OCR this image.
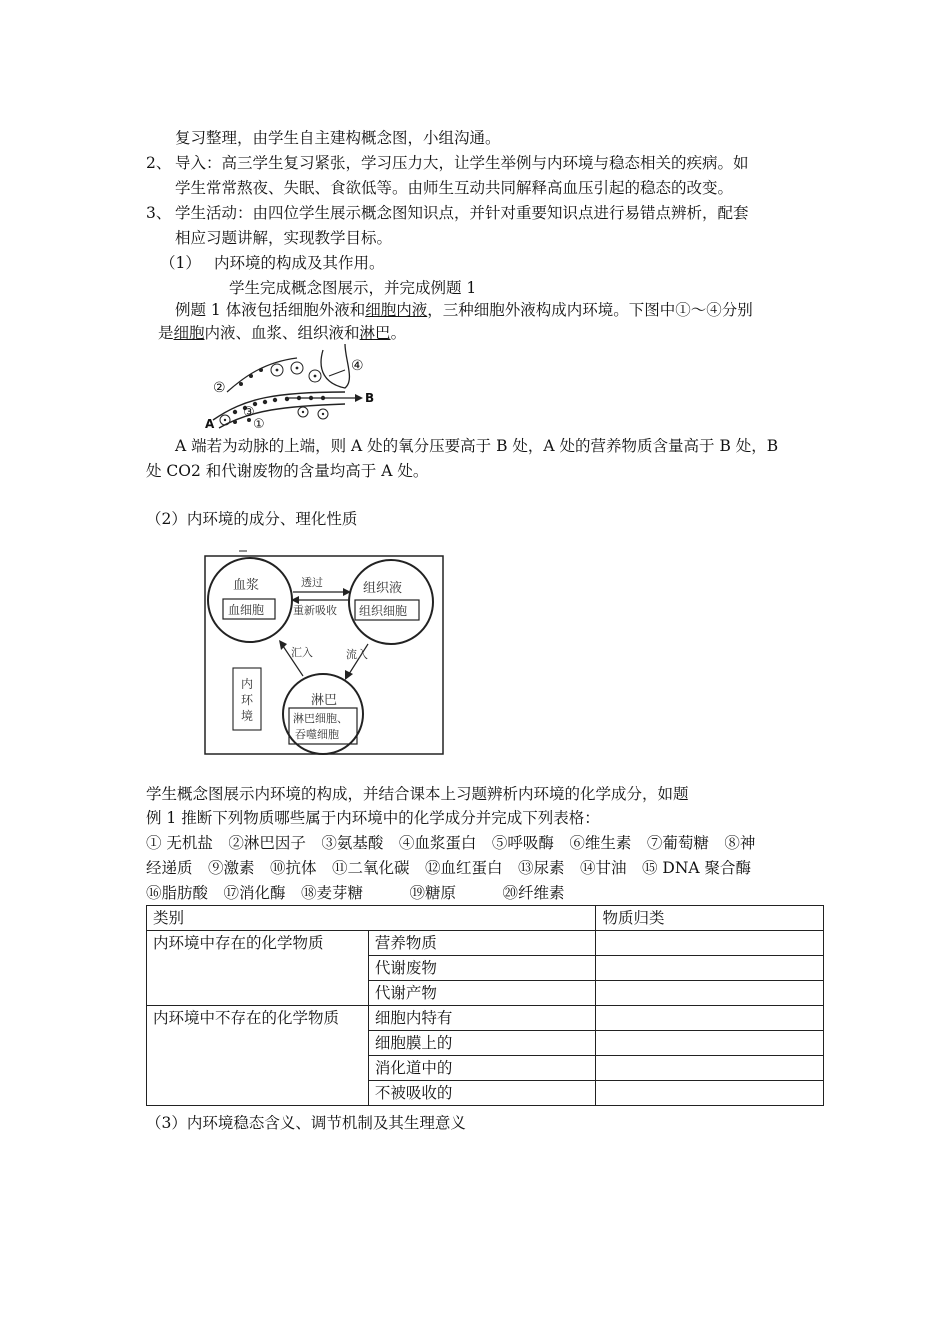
复习整理，由学生自主建构概念图，小组沟通。
2、 导入：高三学生复习紧张，学习压力大，让学生举例与内环境与稳态相关的疾病。如
学生常常熬夜、失眠、食欲低等。由师生互动共同解释高血压引起的稳态的改变。
3、 学生活动：由四位学生展示概念图知识点，并针对重要知识点进行易错点辨析，配套
相应习题讲解，实现教学目标。
（1） 内环境的构成及其作用。
学生完成概念图展示，并完成例题 1
例题 1 体液包括细胞外液和细胞内液，三种细胞外液构成内环境。下图中①～④分别
是细胞内液、血浆、组织液和淋巴。
②
③
①
④
A
B
A 端若为动脉的上端，则 A 处的氧分压要高于 B 处，A 处的营养物质含量高于 B 处，B
处 CO2 和代谢废物的含量均高于 A 处。
（2）内环境的成分、理化性质
血浆
血细胞
组织液
组织细胞
透过
重新吸收
淋巴
淋巴细胞、
吞噬细胞
汇入	流入
内
环
境
学生概念图展示内环境的构成，并结合课本上习题辨析内环境的化学成分，如题
例 1 推断下列物质哪些属于内环境中的化学成分并完成下列表格：
① 无机盐　②淋巴因子　③氨基酸　④血浆蛋白　⑤呼吸酶　⑥维生素　⑦葡萄糖　⑧神
经递质　⑨激素　⑩抗体　⑪二氧化碳　⑫血红蛋白　⑬尿素　⑭甘油　⑮ DNA 聚合酶
⑯脂肪酸　⑰消化酶　⑱麦芽糖　　　⑲糖原　　　⑳纤维素
类别		物质归类
内环境中存在的化学物质	营养物质	
	代谢废物	
	代谢产物	
内环境中不存在的化学物质	细胞内特有	
	细胞膜上的	
	消化道中的	
	不被吸收的	
（3）内环境稳态含义、调节机制及其生理意义
